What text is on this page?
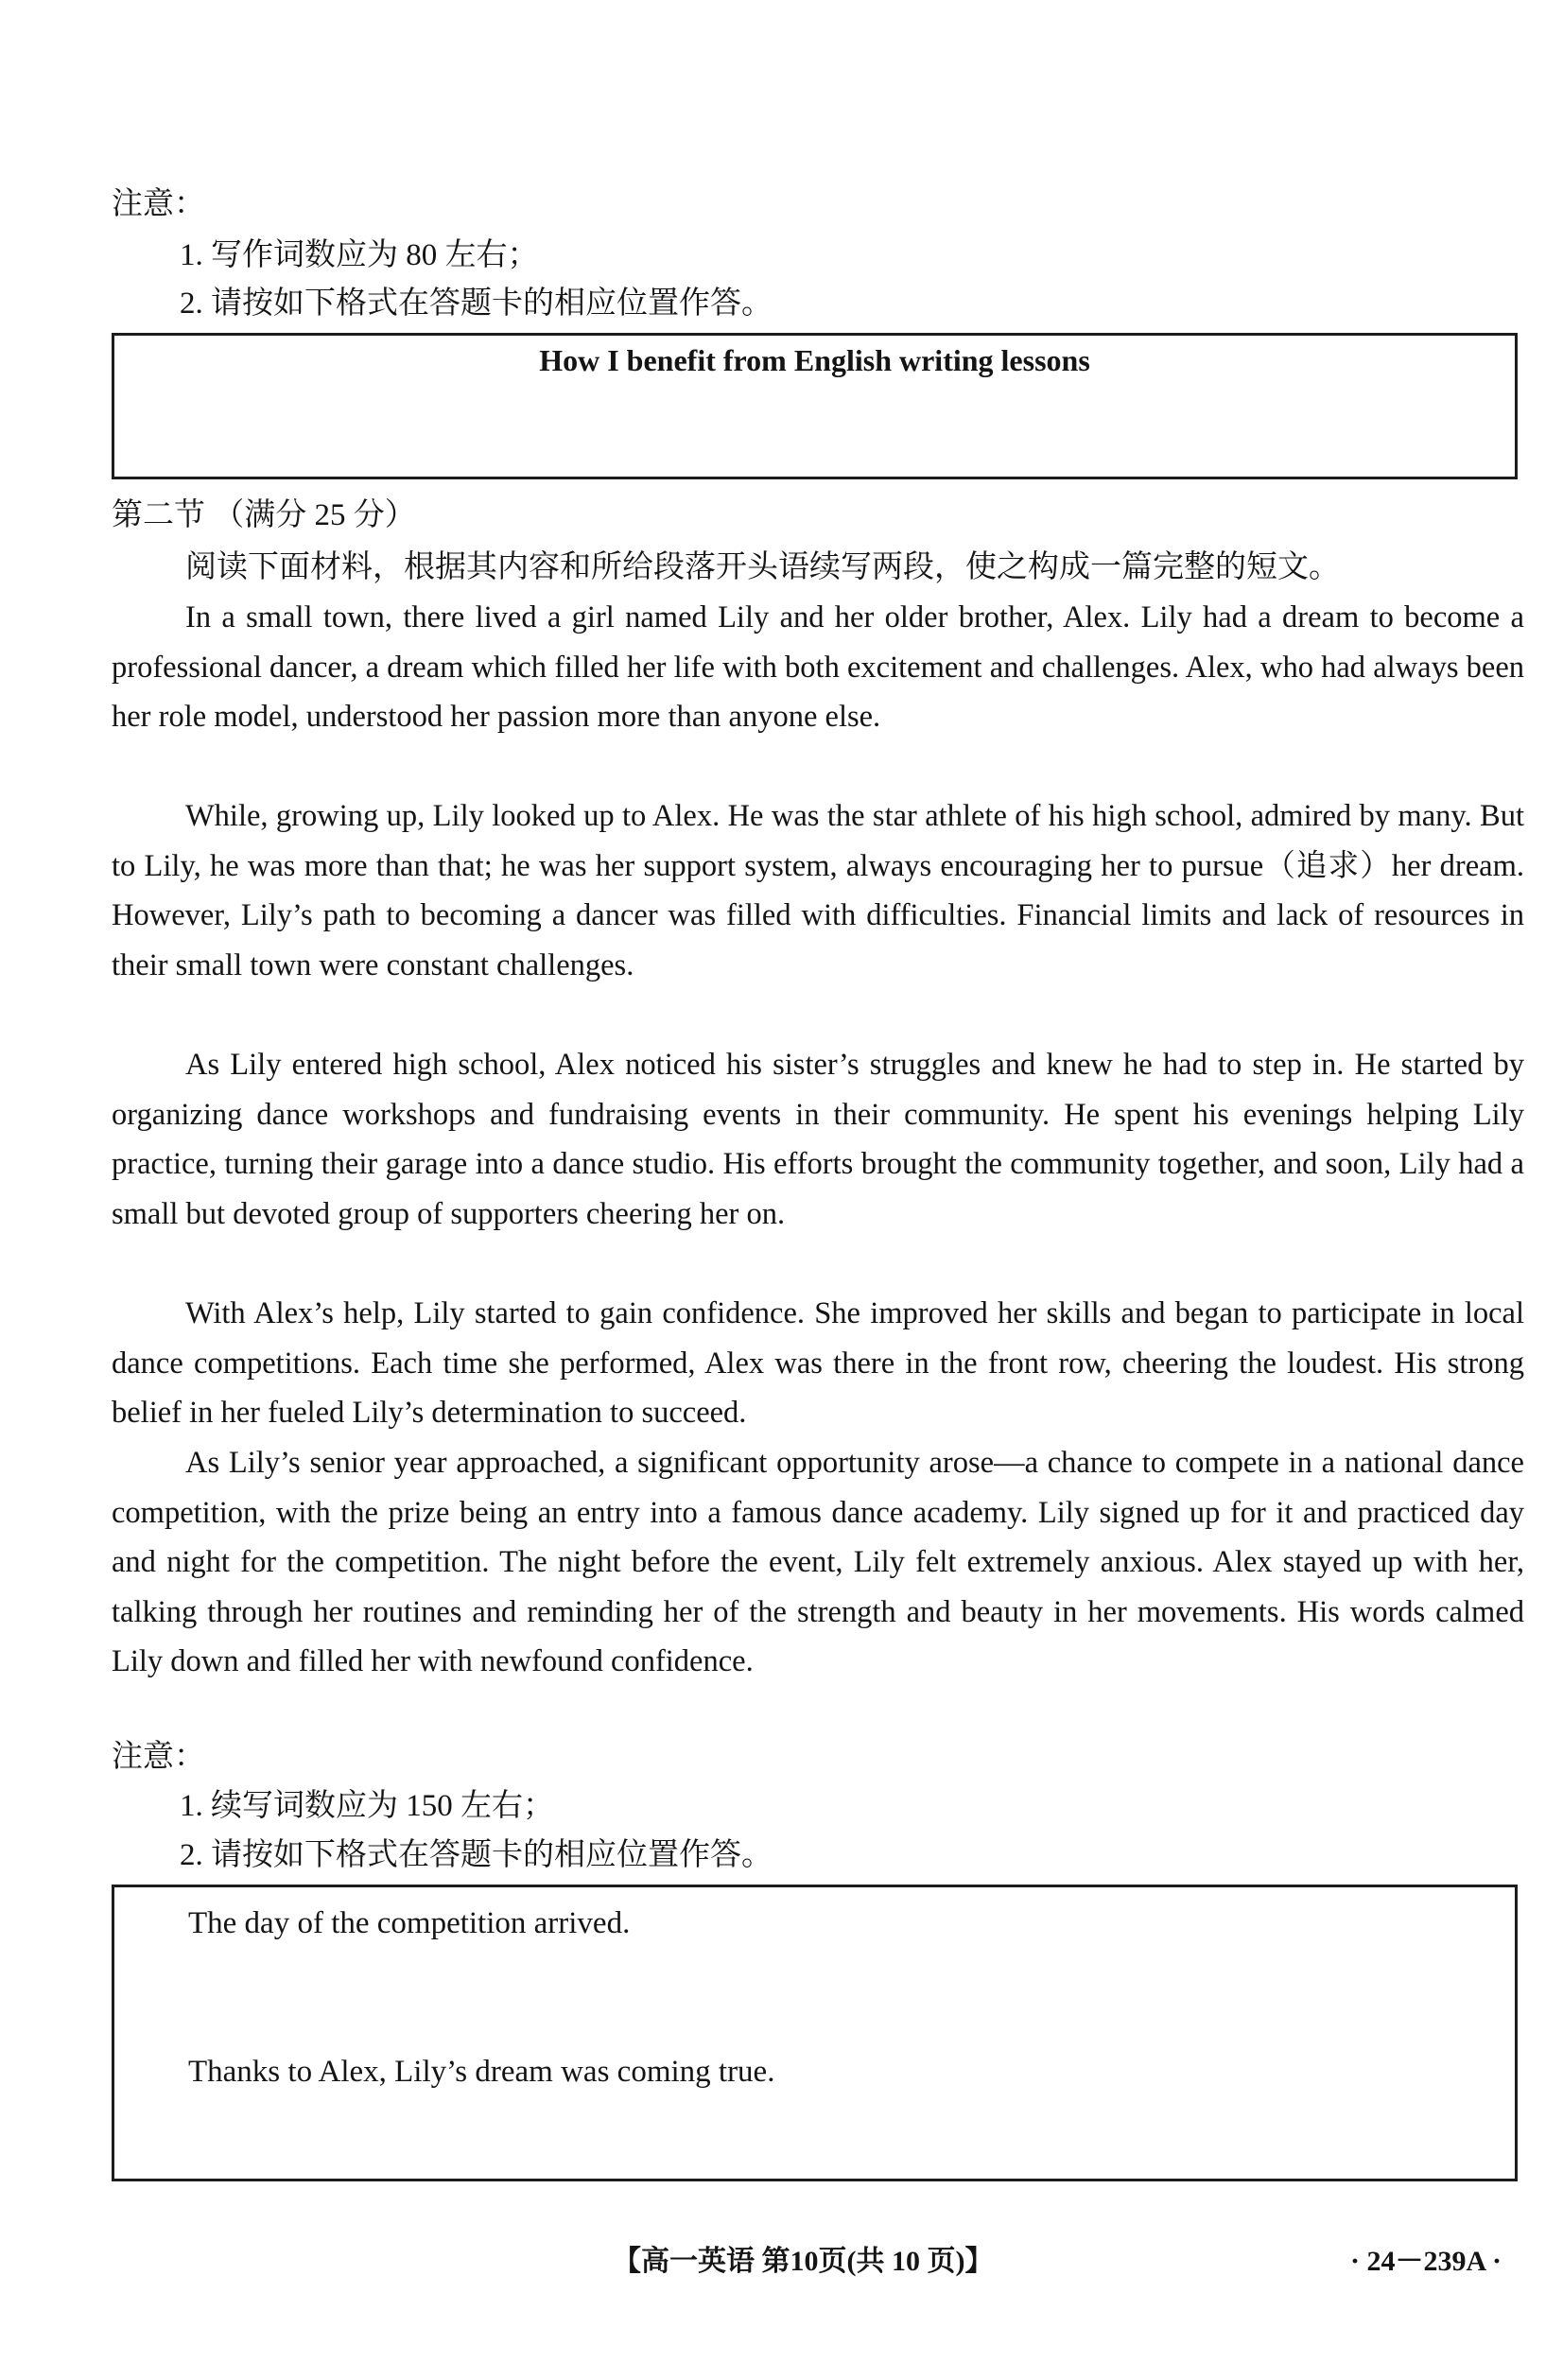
注意：
1. 写作词数应为 80 左右；
2. 请按如下格式在答题卡的相应位置作答。
How I benefit from English writing lessons
第二节 （满分 25 分）
阅读下面材料，根据其内容和所给段落开头语续写两段，使之构成一篇完整的短文。

In a small town, there lived a girl named Lily and her older brother, Alex. Lily had a dream to become a professional dancer, a dream which filled her life with both excitement and challenges. Alex, who had always been her role model, understood her passion more than anyone else.

While, growing up, Lily looked up to Alex. He was the star athlete of his high school, admired by many. But to Lily, he was more than that; he was her support system, always encouraging her to pursue（追求）her dream. However, Lily’s path to becoming a dancer was filled with difficulties. Financial limits and lack of resources in their small town were constant challenges.

As Lily entered high school, Alex noticed his sister’s struggles and knew he had to step in. He started by organizing dance workshops and fundraising events in their community. He spent his evenings helping Lily practice, turning their garage into a dance studio. His efforts brought the community together, and soon, Lily had a small but devoted group of supporters cheering her on.

With Alex’s help, Lily started to gain confidence. She improved her skills and began to participate in local dance competitions. Each time she performed, Alex was there in the front row, cheering the loudest. His strong belief in her fueled Lily’s determination to succeed.

As Lily’s senior year approached, a significant opportunity arose—a chance to compete in a national dance competition, with the prize being an entry into a famous dance academy. Lily signed up for it and practiced day and night for the competition. The night before the event, Lily felt extremely anxious. Alex stayed up with her, talking through her routines and reminding her of the strength and beauty in her movements. His words calmed Lily down and filled her with newfound confidence.

注意：
1. 续写词数应为 150 左右；
2. 请按如下格式在答题卡的相应位置作答。
The day of the competition arrived.
Thanks to Alex, Lily’s dream was coming true.
【高一英语 第10页(共 10 页)】	· 24－239A ·
